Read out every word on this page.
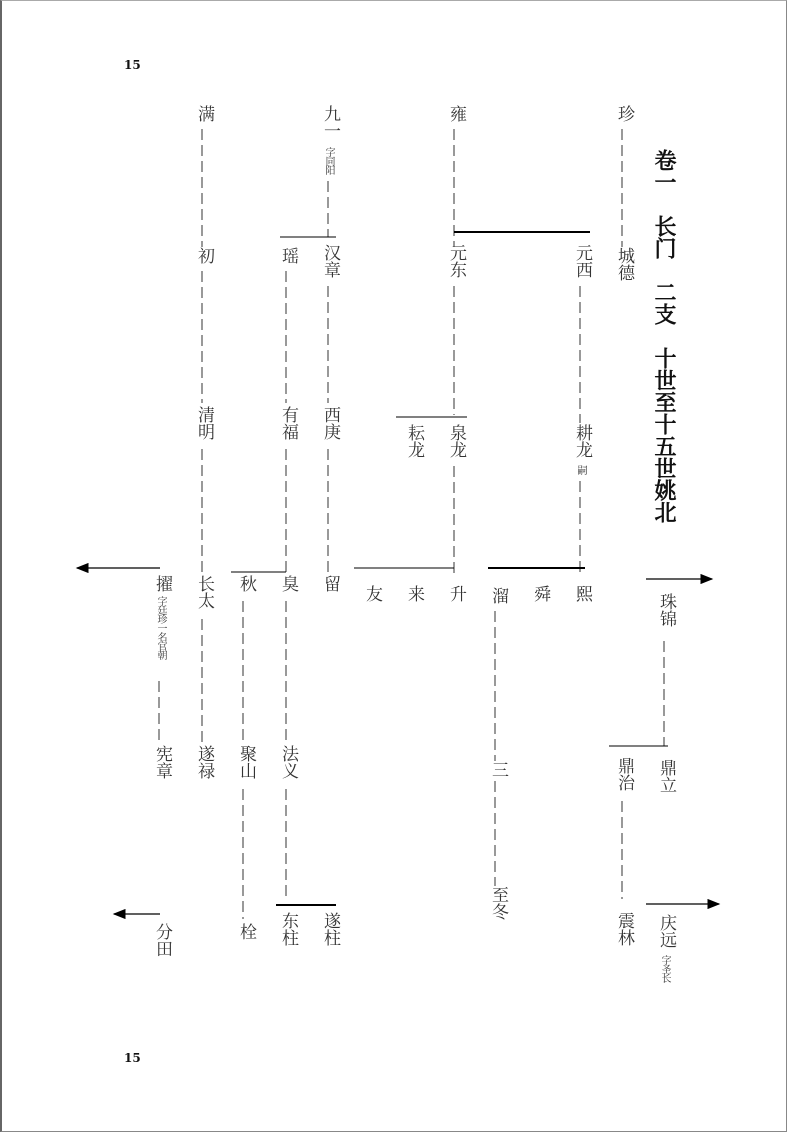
15
15
卷一　长门　二支　十世至十五世姚北
满	九一
字同阳
雍	珍
初	瑶 汉章	元东	元西 城德
清明	有福 西庚
耘龙 泉龙	耕龙
嗣
擢
字廷珍一名官朝
长太 秋 臭 留
友 来 升 溜 舜 熙	珠锦
宪章 遂禄 聚山 法义	三	鼎治 鼎立
分田	栓 东柱 遂柱
至冬
震林 庆远
字圣长
